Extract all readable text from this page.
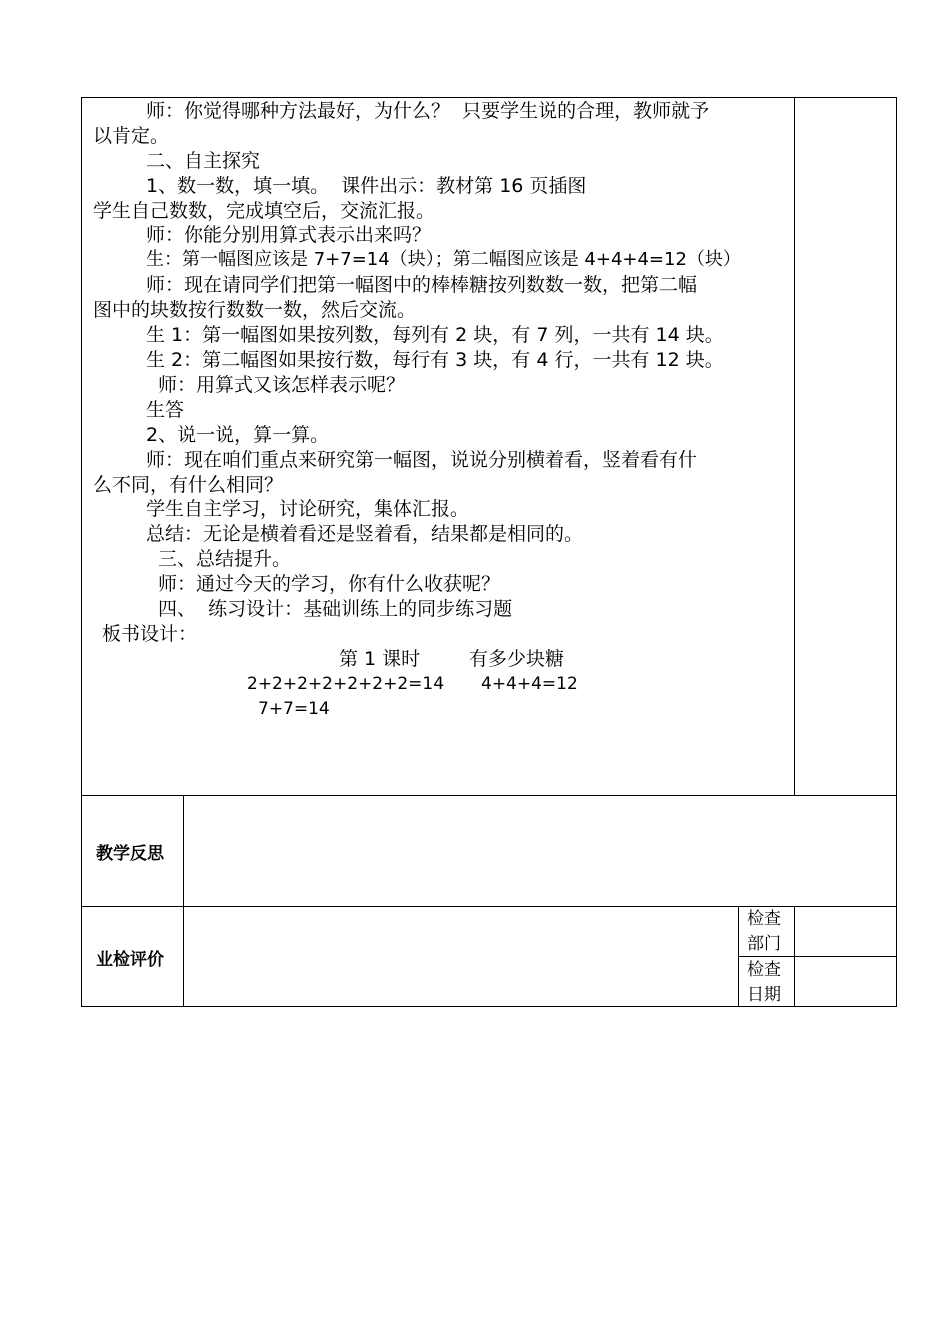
师：你觉得哪种方法最好，为什么？  只要学生说的合理，教师就予
以肯定。
二、自主探究
1、数一数，填一填。  课件出示：教材第 16 页插图
学生自己数数，完成填空后，交流汇报。
师：你能分别用算式表示出来吗？
生：第一幅图应该是 7+7=14（块）；第二幅图应该是 4+4+4=12（块）
师：现在请同学们把第一幅图中的棒棒糖按列数数一数，把第二幅
图中的块数按行数数一数，然后交流。
生 1：第一幅图如果按列数，每列有 2 块，有 7 列，一共有 14 块。
生 2：第二幅图如果按行数，每行有 3 块，有 4 行，一共有 12 块。
师：用算式又该怎样表示呢？
生答
2、说一说，算一算。
师：现在咱们重点来研究第一幅图，说说分别横着看，竖着看有什
么不同，有什么相同？
学生自主学习，讨论研究，集体汇报。
总结：无论是横着看还是竖着看，结果都是相同的。
三、总结提升。
师：通过今天的学习，你有什么收获呢？
四、  练习设计：基础训练上的同步练习题
板书设计：
第 1 课时	有多少块糖
2+2+2+2+2+2+2=14 4+4+4=12
7+7=14
教学反思
业检评价
检查
部门
检查
日期
